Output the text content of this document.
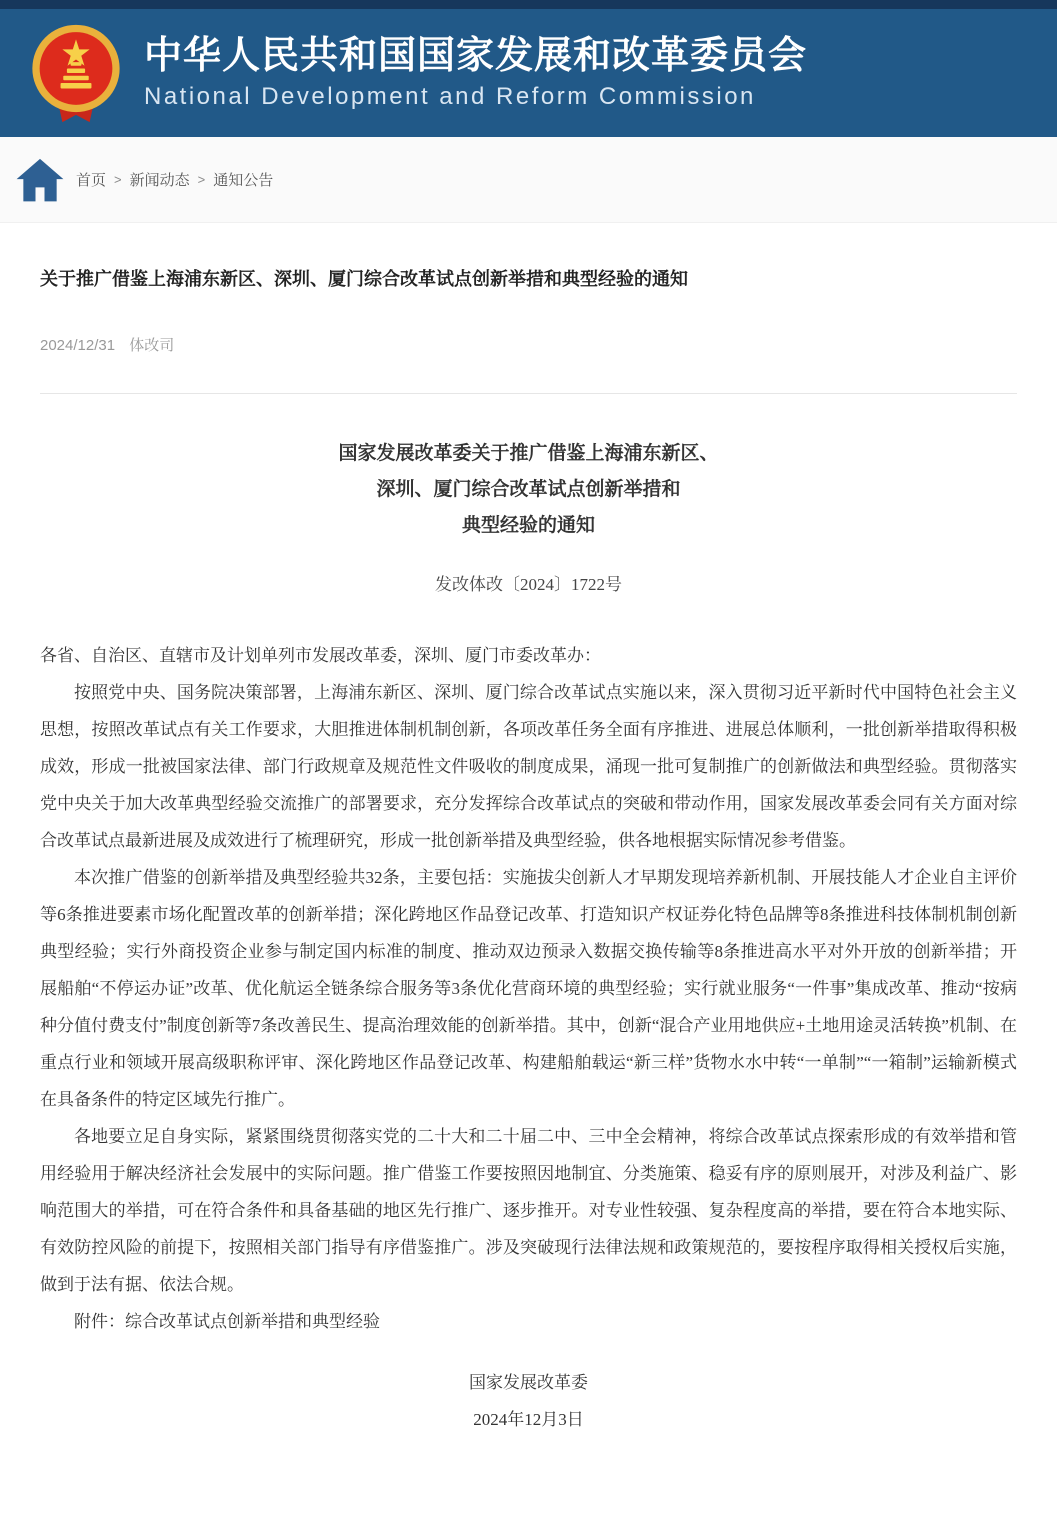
中华人民共和国国家发展和改革委员会
National Development and Reform Commission
首页 > 新闻动态 > 通知公告
关于推广借鉴上海浦东新区、深圳、厦门综合改革试点创新举措和典型经验的通知
2024/12/31 体改司
国家发展改革委关于推广借鉴上海浦东新区、
深圳、厦门综合改革试点创新举措和
典型经验的通知
发改体改〔2024〕1722号

各省、自治区、直辖市及计划单列市发展改革委，深圳、厦门市委改革办：

按照党中央、国务院决策部署，上海浦东新区、深圳、厦门综合改革试点实施以来，深入贯彻习近平新时代中国特色社会主义思想，按照改革试点有关工作要求，大胆推进体制机制创新，各项改革任务全面有序推进、进展总体顺利，一批创新举措取得积极成效，形成一批被国家法律、部门行政规章及规范性文件吸收的制度成果，涌现一批可复制推广的创新做法和典型经验。贯彻落实党中央关于加大改革典型经验交流推广的部署要求，充分发挥综合改革试点的突破和带动作用，国家发展改革委会同有关方面对综合改革试点最新进展及成效进行了梳理研究，形成一批创新举措及典型经验，供各地根据实际情况参考借鉴。

本次推广借鉴的创新举措及典型经验共32条，主要包括：实施拔尖创新人才早期发现培养新机制、开展技能人才企业自主评价等6条推进要素市场化配置改革的创新举措；深化跨地区作品登记改革、打造知识产权证券化特色品牌等8条推进科技体制机制创新典型经验；实行外商投资企业参与制定国内标准的制度、推动双边预录入数据交换传输等8条推进高水平对外开放的创新举措；开展船舶“不停运办证”改革、优化航运全链条综合服务等3条优化营商环境的典型经验；实行就业服务“一件事”集成改革、推动“按病种分值付费支付”制度创新等7条改善民生、提高治理效能的创新举措。其中，创新“混合产业用地供应+土地用途灵活转换”机制、在重点行业和领域开展高级职称评审、深化跨地区作品登记改革、构建船舶载运“新三样”货物水水中转“一单制”“一箱制”运输新模式在具备条件的特定区域先行推广。

各地要立足自身实际，紧紧围绕贯彻落实党的二十大和二十届二中、三中全会精神，将综合改革试点探索形成的有效举措和管用经验用于解决经济社会发展中的实际问题。推广借鉴工作要按照因地制宜、分类施策、稳妥有序的原则展开，对涉及利益广、影响范围大的举措，可在符合条件和具备基础的地区先行推广、逐步推开。对专业性较强、复杂程度高的举措，要在符合本地实际、有效防控风险的前提下，按照相关部门指导有序借鉴推广。涉及突破现行法律法规和政策规范的，要按程序取得相关授权后实施，做到于法有据、依法合规。

附件：综合改革试点创新举措和典型经验

国家发展改革委
2024年12月3日
